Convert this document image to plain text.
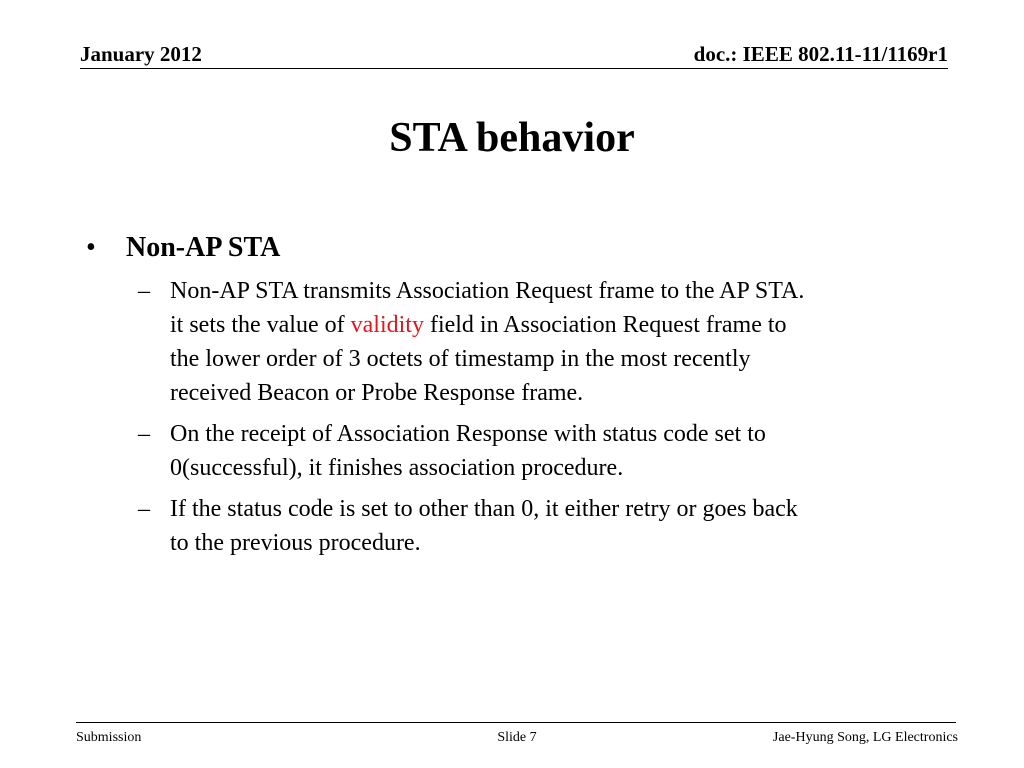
January 2012	doc.: IEEE 802.11-11/1169r1
STA behavior
• Non-AP STA
– Non-AP STA transmits Association Request frame to the AP STA.
it sets the value of validity field in Association Request frame to
the lower order of 3 octets of timestamp in the most recently
received Beacon or Probe Response frame.
– On the receipt of Association Response with status code set to
0(successful), it finishes association procedure.
– If the status code is set to other than 0, it either retry or goes back
to the previous procedure.
Submission	Slide 7	Jae-Hyung Song, LG Electronics
